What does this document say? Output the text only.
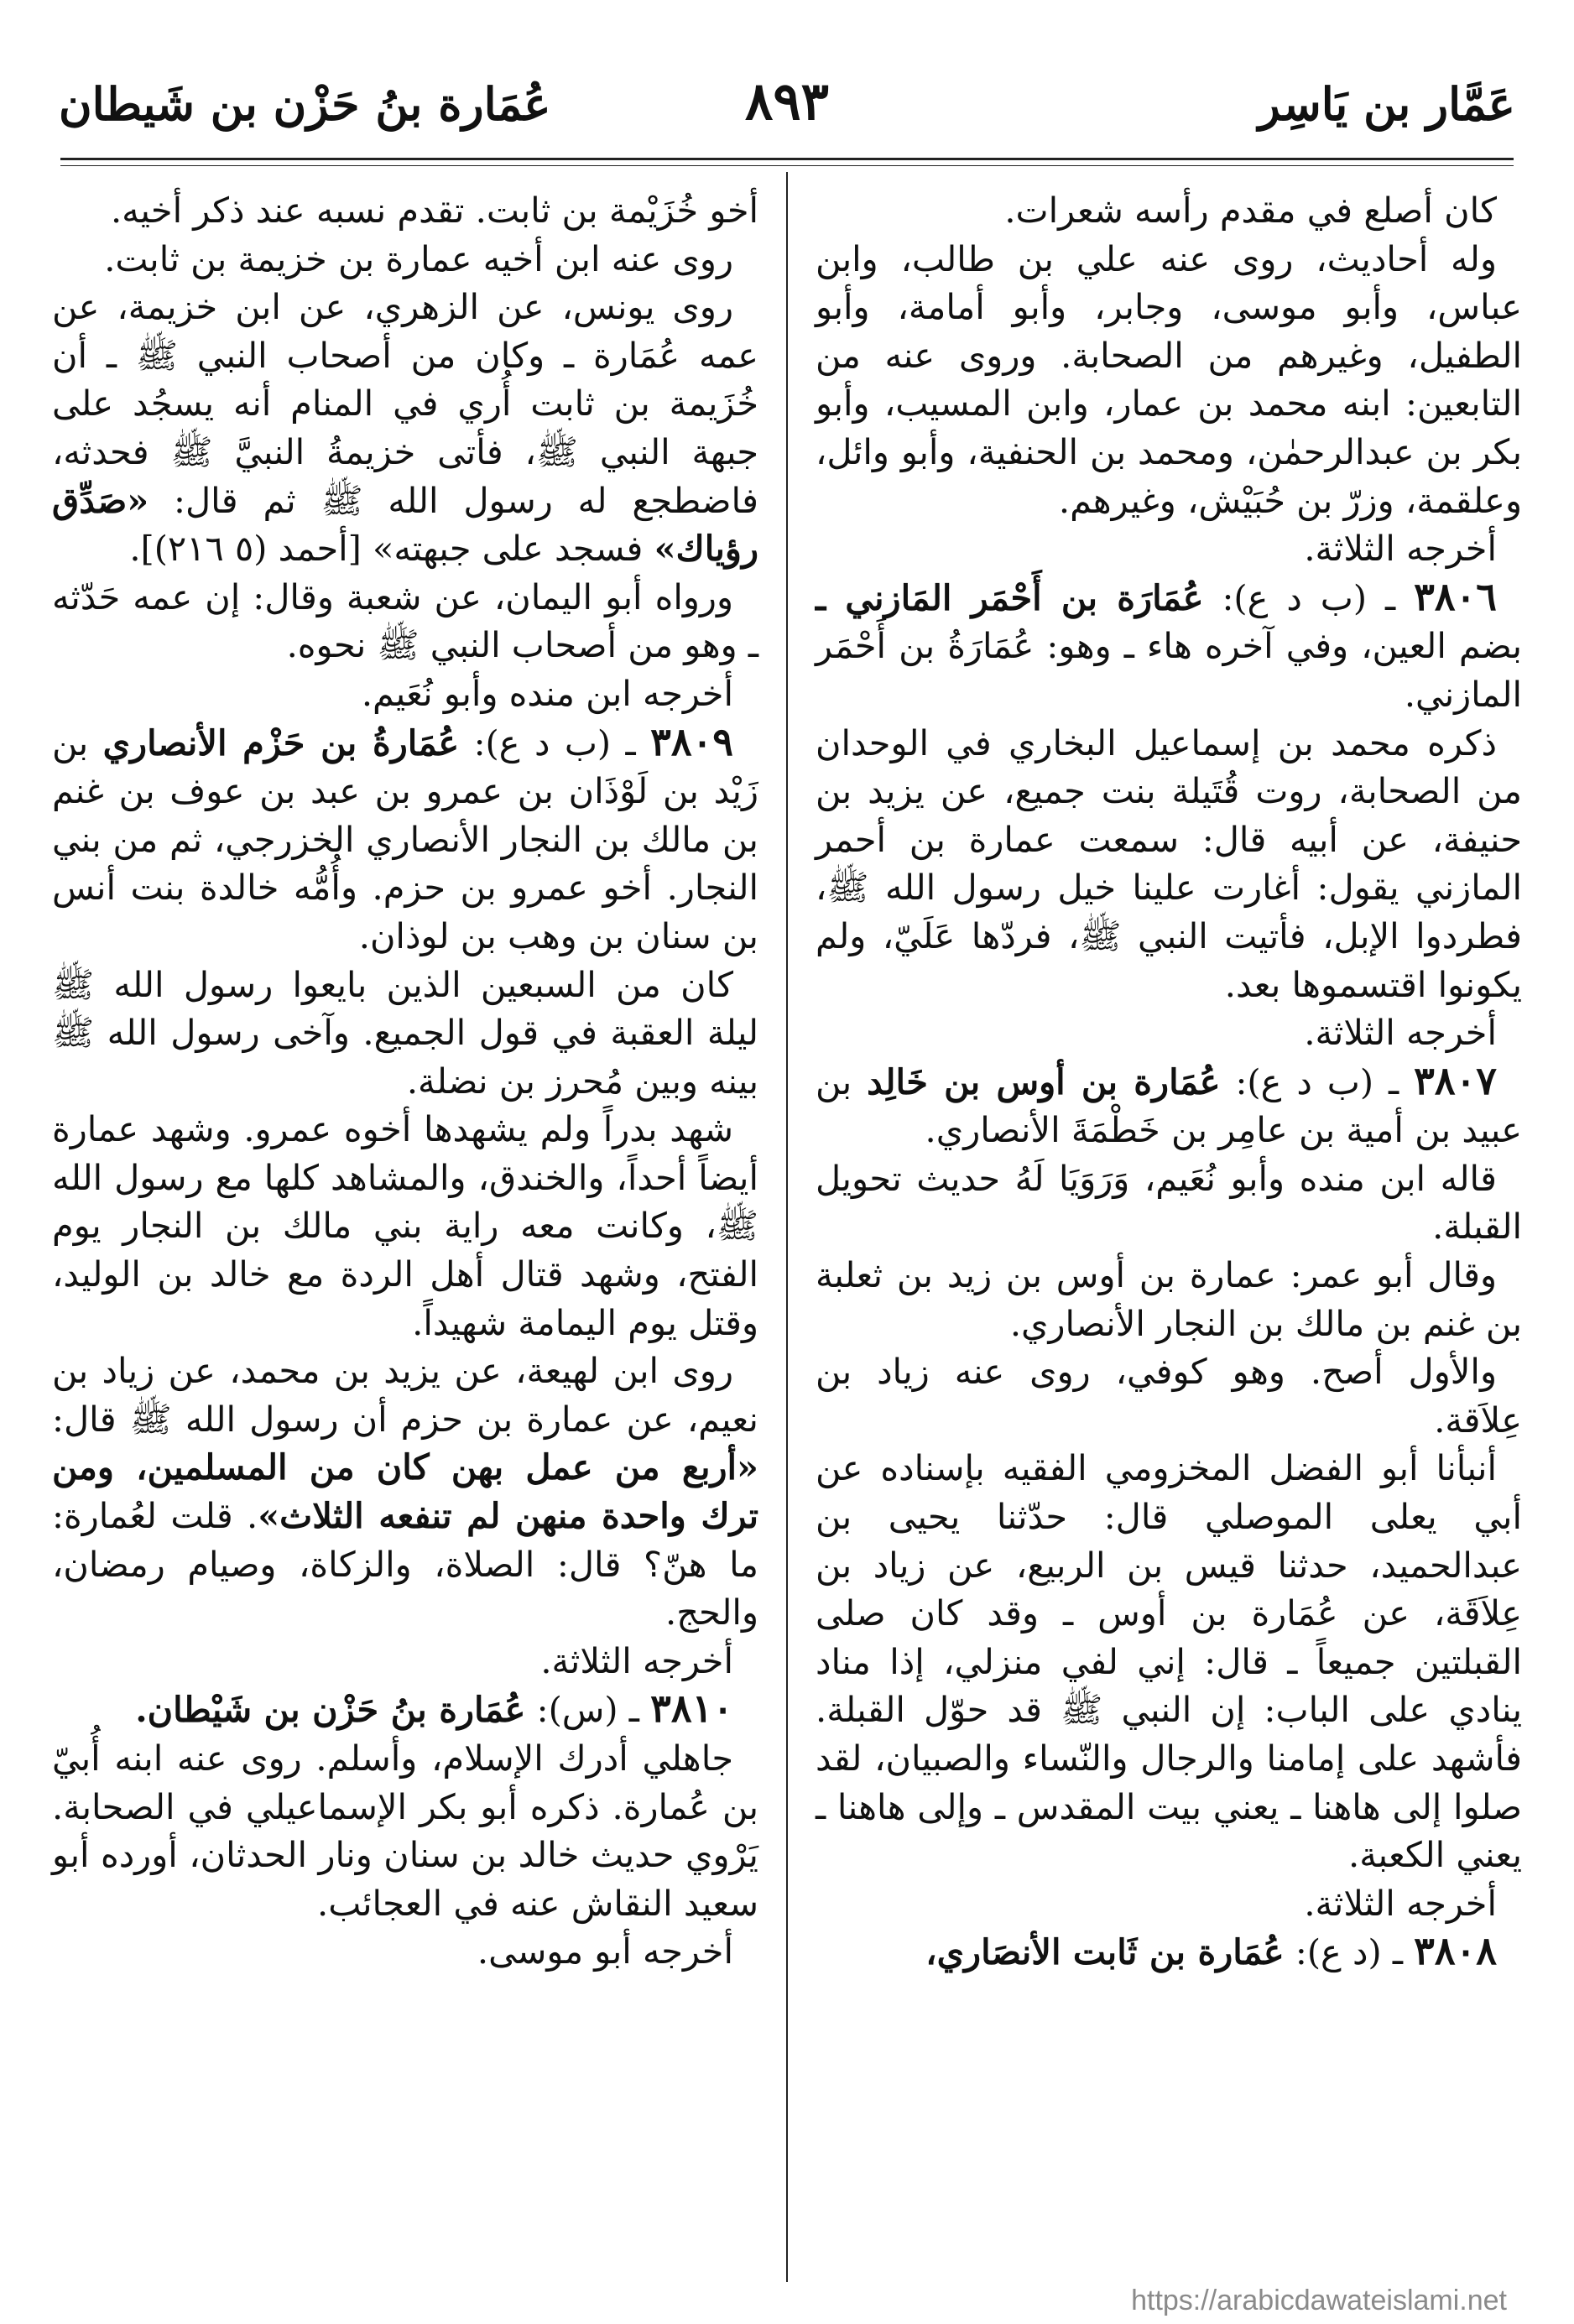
عَمَّار بن يَاسِر
٨٩٣
عُمَارة بنُ حَزْن بن شَيطان

كان أصلع في مقدم رأسه شعرات.

وله أحاديث، روى عنه علي بن طالب، وابن عباس، وأبو موسى، وجابر، وأبو أمامة، وأبو الطفيل، وغيرهم من الصحابة. وروى عنه من التابعين: ابنه محمد بن عمار، وابن المسيب، وأبو بكر بن عبدالرحمٰن، ومحمد بن الحنفية، وأبو وائل، وعلقمة، وزرّ بن حُبَيْش، وغيرهم.

أخرجه الثلاثة.

٣٨٠٦ ـ (ب د ع): عُمَارَة بن أَحْمَر المَازني ـ بضم العين، وفي آخره هاء ـ وهو: عُمَارَةُ بن أَحْمَر المازني.

ذكره محمد بن إسماعيل البخاري في الوحدان من الصحابة، روت قُتَيلة بنت جميع، عن يزيد بن حنيفة، عن أبيه قال: سمعت عمارة بن أحمر المازني يقول: أغارت علينا خيل رسول الله ﷺ، فطردوا الإبل، فأتيت النبي ﷺ، فردّها عَلَيّ، ولم يكونوا اقتسموها بعد.

أخرجه الثلاثة.

٣٨٠٧ ـ (ب د ع): عُمَارة بن أوس بن خَالِد بن عبيد بن أمية بن عامِر بن خَطْمَةَ الأنصاري.

قاله ابن منده وأبو نُعَيم، وَرَوَيَا لَهُ حديث تحويل القبلة.

وقال أبو عمر: عمارة بن أوس بن زيد بن ثعلبة بن غنم بن مالك بن النجار الأنصاري.

والأول أصح. وهو كوفي، روى عنه زياد بن عِلاَقة.

أنبأنا أبو الفضل المخزومي الفقيه بإسناده عن أبي يعلى الموصلي قال: حدّثنا يحيى بن عبدالحميد، حدثنا قيس بن الربيع، عن زياد بن عِلاَقَة، عن عُمَارة بن أوس ـ وقد كان صلى القبلتين جميعاً ـ قال: إني لفي منزلي، إذا مناد ينادي على الباب: إن النبي ﷺ قد حوّل القبلة. فأشهد على إمامنا والرجال والنّساء والصبيان، لقد صلوا إلى هاهنا ـ يعني بيت المقدس ـ وإلى هاهنا ـ يعني الكعبة.

أخرجه الثلاثة.

٣٨٠٨ ـ (د ع): عُمَارة بن ثَابت الأنصَاري،

أخو خُزَيْمة بن ثابت. تقدم نسبه عند ذكر أخيه.

روى عنه ابن أخيه عمارة بن خزيمة بن ثابت.

روى يونس، عن الزهري، عن ابن خزيمة، عن عمه عُمَارة ـ وكان من أصحاب النبي ﷺ ـ أن خُزَيمة بن ثابت أُري في المنام أنه يسجُد على جبهة النبي ﷺ، فأتى خزيمةُ النبيَّ ﷺ فحدثه، فاضطجع له رسول الله ﷺ ثم قال: «صَدِّق رؤياك» فسجد على جبهته» [أحمد (٥ ٢١٦)].

ورواه أبو اليمان، عن شعبة وقال: إن عمه حَدّثه ـ وهو من أصحاب النبي ﷺ نحوه.

أخرجه ابن منده وأبو نُعَيم.

٣٨٠٩ ـ (ب د ع): عُمَارةُ بن حَزْم الأنصاري بن زَيْد بن لَوْذَان بن عمرو بن عبد بن عوف بن غنم بن مالك بن النجار الأنصاري الخزرجي، ثم من بني النجار. أخو عمرو بن حزم. وأُمُّه خالدة بنت أنس بن سنان بن وهب بن لوذان.

كان من السبعين الذين بايعوا رسول الله ﷺ ليلة العقبة في قول الجميع. وآخى رسول الله ﷺ بينه وبين مُحرز بن نضلة.

شهد بدراً ولم يشهدها أخوه عمرو. وشهد عمارة أيضاً أحداً، والخندق، والمشاهد كلها مع رسول الله ﷺ، وكانت معه راية بني مالك بن النجار يوم الفتح، وشهد قتال أهل الردة مع خالد بن الوليد، وقتل يوم اليمامة شهيداً.

روى ابن لهيعة، عن يزيد بن محمد، عن زياد بن نعيم، عن عمارة بن حزم أن رسول الله ﷺ قال: «أربع من عمل بهن كان من المسلمين، ومن ترك واحدة منهن لم تنفعه الثلاث». قلت لعُمارة: ما هنّ؟ قال: الصلاة، والزكاة، وصيام رمضان، والحج.

أخرجه الثلاثة.

٣٨١٠ ـ (س): عُمَارة بنُ حَزْن بن شَيْطان.

جاهلي أدرك الإسلام، وأسلم. روى عنه ابنه أُبيّ بن عُمارة. ذكره أبو بكر الإسماعيلي في الصحابة. يَرْوي حديث خالد بن سنان ونار الحدثان، أورده أبو سعيد النقاش عنه في العجائب.

أخرجه أبو موسى.

https://arabicdawateislami.net
